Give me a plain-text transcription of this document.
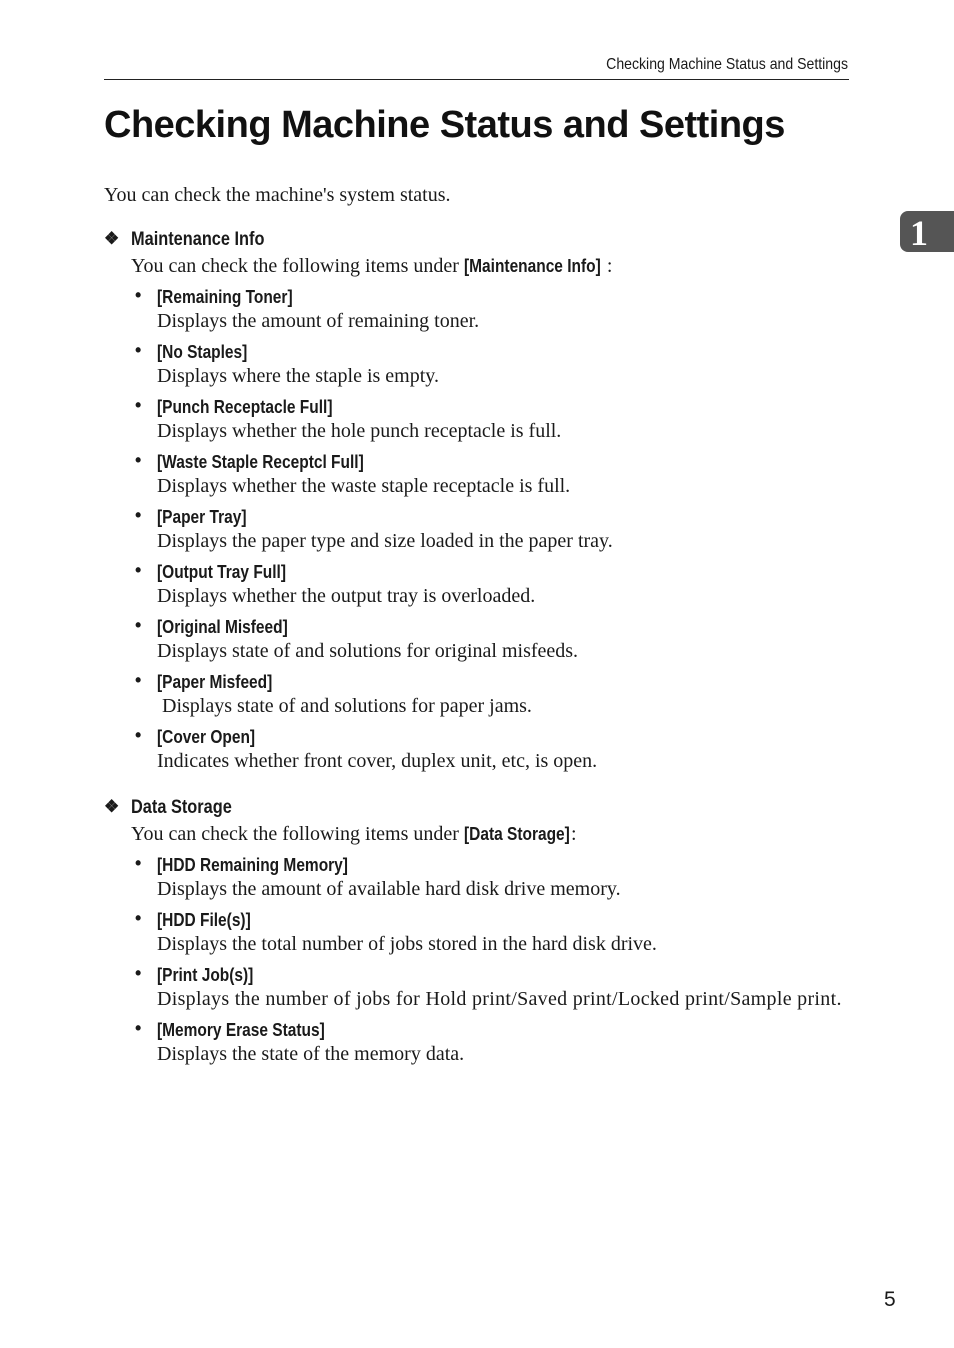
Checking Machine Status and Settings
Checking Machine Status and Settings
1

You can check the machine's system status.

❖ Maintenance Info

You can check the following items under [Maintenance Info] :

• [Remaining Toner]
Displays the amount of remaining toner.
• [No Staples]
Displays where the staple is empty.
• [Punch Receptacle Full]
Displays whether the hole punch receptacle is full.
• [Waste Staple Receptcl Full]
Displays whether the waste staple receptacle is full.
• [Paper Tray]
Displays the paper type and size loaded in the paper tray.
• [Output Tray Full]
Displays whether the output tray is overloaded.
• [Original Misfeed]
Displays state of and solutions for original misfeeds.
• [Paper Misfeed]
Displays state of and solutions for paper jams.
• [Cover Open]
Indicates whether front cover, duplex unit, etc, is open.
❖ Data Storage

You can check the following items under [Data Storage]:

• [HDD Remaining Memory]
Displays the amount of available hard disk drive memory.
• [HDD File(s)]
Displays the total number of jobs stored in the hard disk drive.
• [Print Job(s)]
Displays the number of jobs for Hold print/Saved print/Locked print/Sample print.
• [Memory Erase Status]
Displays the state of the memory data.
5
